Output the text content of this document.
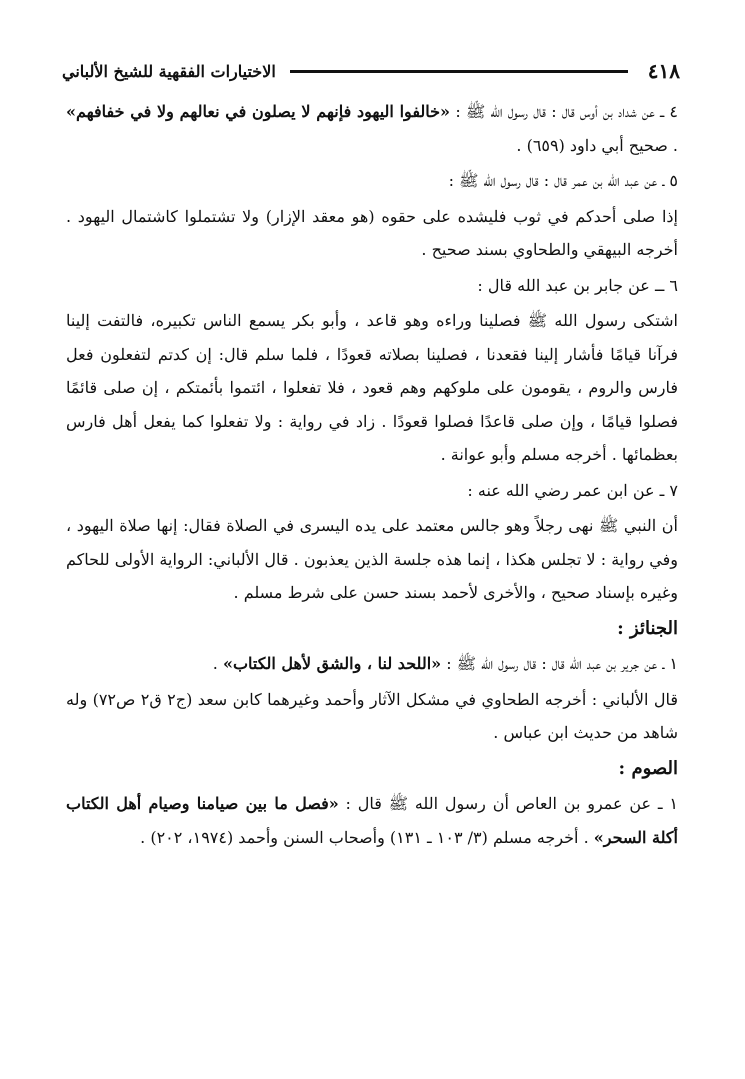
٤١٨
الاختيارات الفقهية للشيخ الألباني

٤ ــ عن شداد بن أوس قال : قال رسول الله ﷺ : «خالفوا اليهود فإنهم لا يصلون في نعالهم ولا في خفافهم» . صحيح أبي داود (٦٥٩) .

٥ ـ عن عبد الله بن عمر قال : قال رسول الله ﷺ :

إذا صلى أحدكم في ثوب فليشده على حقوه (هو معقد الإزار) ولا تشتملوا كاشتمال اليهود . أخرجه البيهقي والطحاوي بسند صحيح .

٦ ــ عن جابر بن عبد الله قال :

اشتكى رسول الله ﷺ فصلينا وراءه وهو قاعد ، وأبو بكر يسمع الناس تكبيره، فالتفت إلينا فرآنا قيامًا فأشار إلينا فقعدنا ، فصلينا بصلاته قعودًا ، فلما سلم قال: إن كدتم لتفعلون فعل فارس والروم ، يقومون على ملوكهم وهم قعود ، فلا تفعلوا ، ائتموا بأئمتكم ، إن صلى قائمًا فصلوا قيامًا ، وإن صلى قاعدًا فصلوا قعودًا . زاد في رواية : ولا تفعلوا كما يفعل أهل فارس بعظمائها . أخرجه مسلم وأبو عوانة .

٧ ـ عن ابن عمر رضي الله عنه :

أن النبي ﷺ نهى رجلاً وهو جالس معتمد على يده اليسرى في الصلاة فقال: إنها صلاة اليهود ، وفي رواية : لا تجلس هكذا ، إنما هذه جلسة الذين يعذبون . قال الألباني: الرواية الأولى للحاكم وغيره بإسناد صحيح ، والأخرى لأحمد بسند حسن على شرط مسلم .

الجنائز :

١ ـ عن جرير بن عبد الله قال : قال رسول الله ﷺ : «اللحد لنا ، والشق لأهل الكتاب» .

قال الألباني : أخرجه الطحاوي في مشكل الآثار وأحمد وغيرهما كابن سعد (ج٢ ق٢ ص٧٢) وله شاهد من حديث ابن عباس .

الصوم :

١ ـ عن عمرو بن العاص أن رسول الله ﷺ قال : «فصل ما بين صيامنا وصيام أهل الكتاب أكلة السحر» . أخرجه مسلم (٣/ ١٠٣ ـ ١٣١) وأصحاب السنن وأحمد (١٩٧٤، ٢٠٢) .
